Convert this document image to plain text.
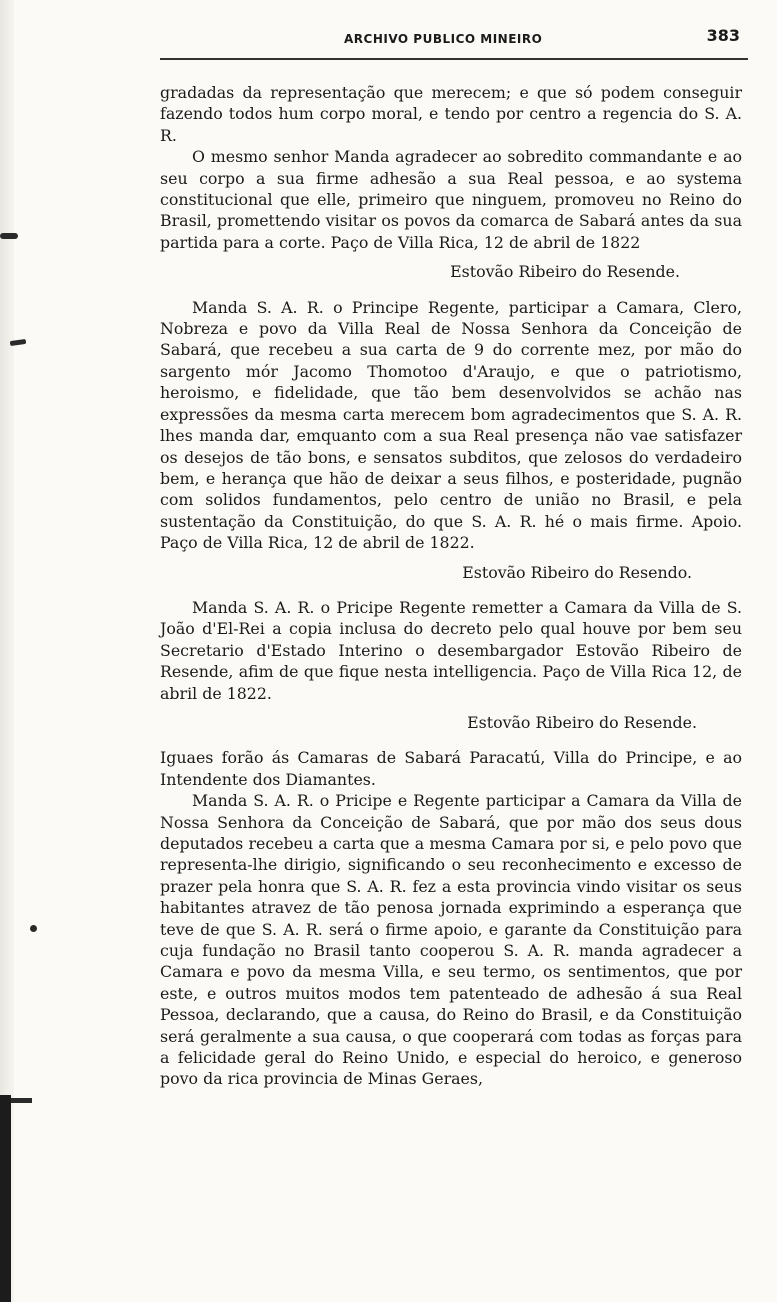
ARCHIVO PUBLICO MINEIRO	383

gradadas da representação que merecem; e que só podem conseguir fazendo todos hum corpo moral, e tendo por centro a regencia do S. A. R.

O mesmo senhor Manda agradecer ao sobredito commandante e ao seu corpo a sua firme adhesão a sua Real pessoa, e ao systema constitucional que elle, primeiro que ninguem, promoveu no Reino do Brasil, promettendo visitar os povos da comarca de Sabará antes da sua partida para a corte. Paço de Villa Rica, 12 de abril de 1822

Estovão Ribeiro do Resende.

Manda S. A. R. o Principe Regente, participar a Camara, Clero, Nobreza e povo da Villa Real de Nossa Senhora da Conceição de Sabará, que recebeu a sua carta de 9 do corrente mez, por mão do sargento mór Jacomo Thomotoo d'Araujo, e que o patriotismo, heroismo, e fidelidade, que tão bem desenvolvidos se achão nas expressões da mesma carta merecem bom agradecimentos que S. A. R. lhes manda dar, emquanto com a sua Real presença não vae satisfazer os desejos de tão bons, e sensatos subditos, que zelosos do verdadeiro bem, e herança que hão de deixar a seus filhos, e posteridade, pugnão com solidos fundamentos, pelo centro de união no Brasil, e pela sustentação da Constituição, do que S. A. R. hé o mais firme. Apoio. Paço de Villa Rica, 12 de abril de 1822.

Estovão Ribeiro do Resendo.

Manda S. A. R. o Pricipe Regente remetter a Camara da Villa de S. João d'El-Rei a copia inclusa do decreto pelo qual houve por bem seu Secretario d'Estado Interino o desembargador Estovão Ribeiro de Resende, afim de que fique nesta intelligencia. Paço de Villa Rica 12, de abril de 1822.

Estovão Ribeiro do Resende.

Iguaes forão ás Camaras de Sabará Paracatú, Villa do Principe, e ao Intendente dos Diamantes.

Manda S. A. R. o Pricipe e Regente participar a Camara da Villa de Nossa Senhora da Conceição de Sabará, que por mão dos seus dous deputados recebeu a carta que a mesma Camara por si, e pelo povo que representa-lhe dirigio, significando o seu reconhecimento e excesso de prazer pela honra que S. A. R. fez a esta provincia vindo visitar os seus habitantes atravez de tão penosa jornada exprimindo a esperança que teve de que S. A. R. será o firme apoio, e garante da Constituição para cuja fundação no Brasil tanto cooperou S. A. R. manda agradecer a Camara e povo da mesma Villa, e seu termo, os sentimentos, que por este, e outros muitos modos tem patenteado de adhesão á sua Real Pessoa, declarando, que a causa, do Reino do Brasil, e da Constituição será geralmente a sua causa, o que cooperará com todas as forças para a felicidade geral do Reino Unido, e especial do heroico, e generoso povo da rica provincia de Minas Geraes,
